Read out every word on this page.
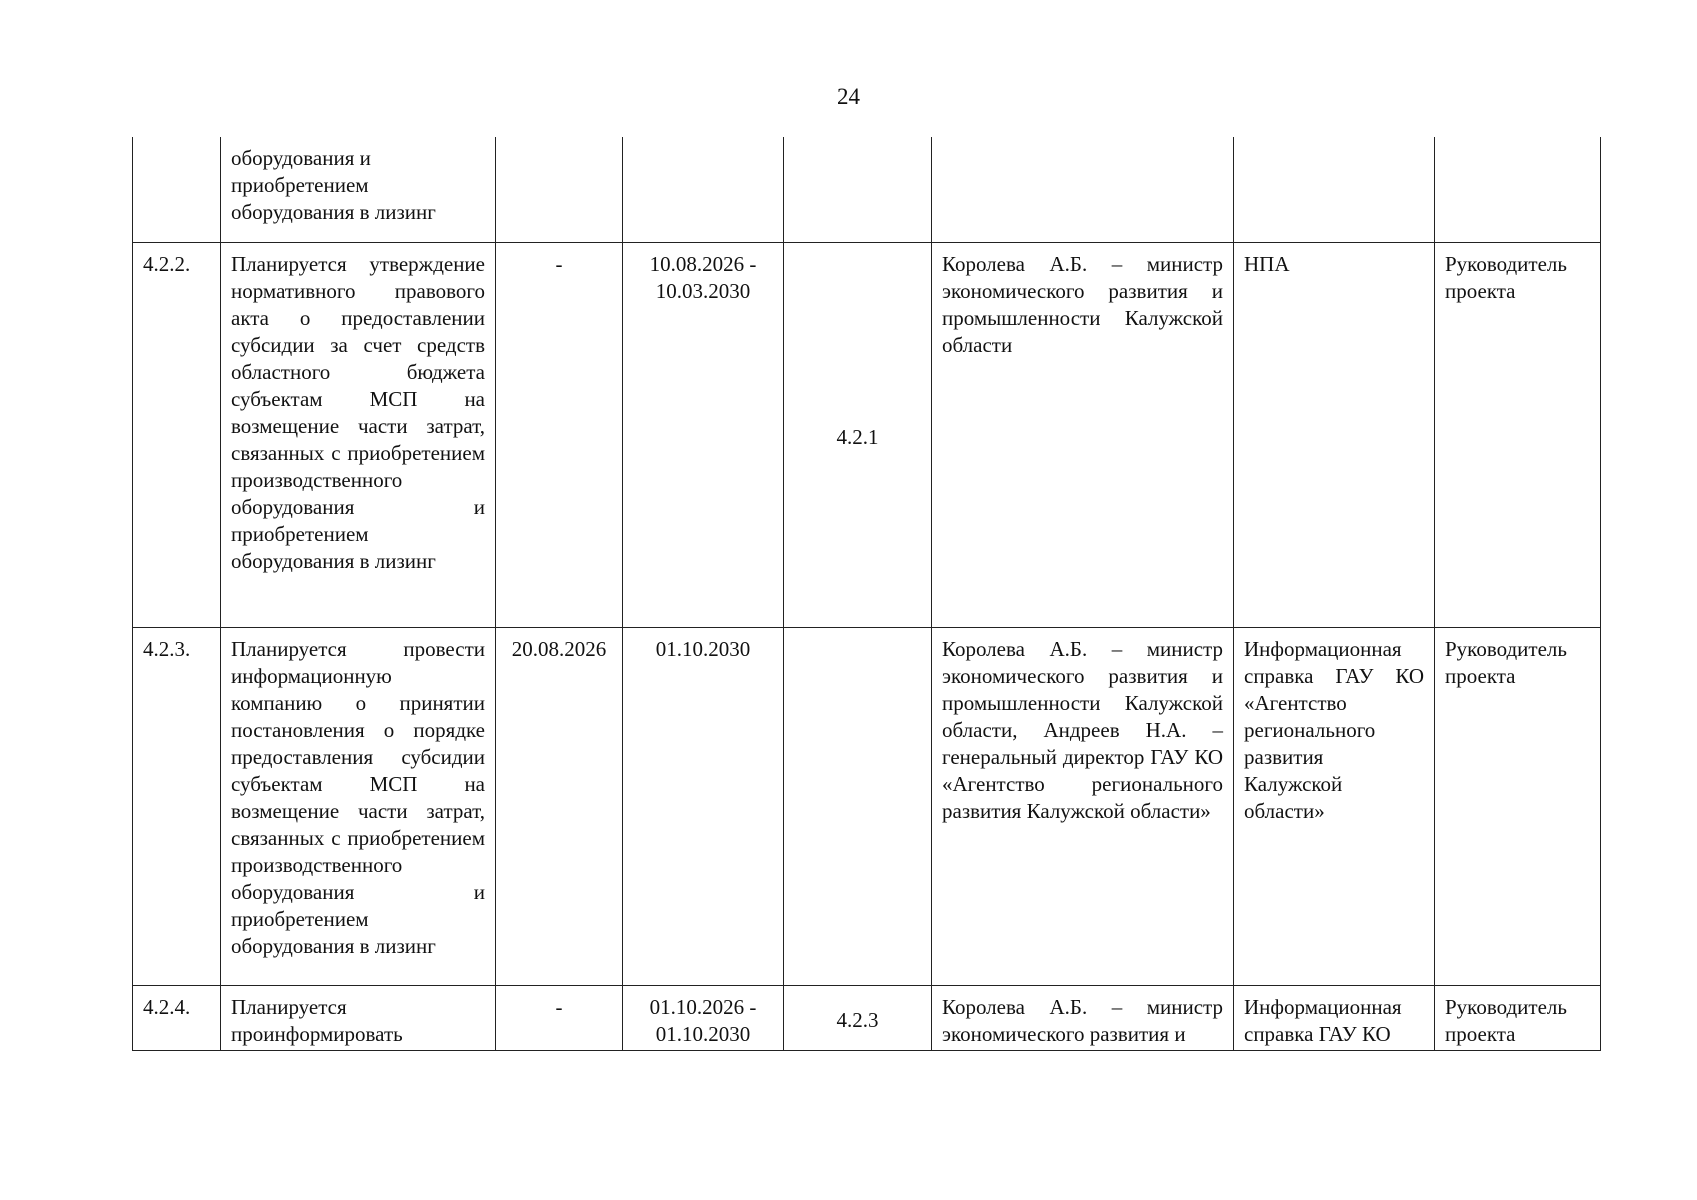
24

	оборудования и
приобретением
оборудования в лизинг						

4.2.2.	Планируется утверждение нормативного правового акта о предоставлении субсидии за счет средств областного бюджета субъектам МСП на возмещение части затрат, связанных с приобретением производственного оборудования и приобретением оборудования в лизинг	-	10.08.2026 - 10.03.2030	4.2.1	Королева А.Б. – министр экономического развития и промышленности Калужской области	НПА	Руководитель проекта
4.2.3.	Планируется провести информационную компанию о принятии постановления о порядке предоставления субсидии субъектам МСП на возмещение части затрат, связанных с приобретением производственного оборудования и приобретением оборудования в лизинг	20.08.2026	01.10.2030		Королева А.Б. – министр экономического развития и промышленности Калужской области, Андреев Н.А. – генеральный директор ГАУ КО «Агентство регионального развития Калужской области»	Информационная справка ГАУ КО «Агентство регионального развития Калужской области»	Руководитель проекта
4.2.4.	Планируется проинформировать	-	01.10.2026 - 01.10.2030	4.2.3	Королева А.Б. – министр экономического развития и	Информационная справка ГАУ КО	Руководитель проекта
